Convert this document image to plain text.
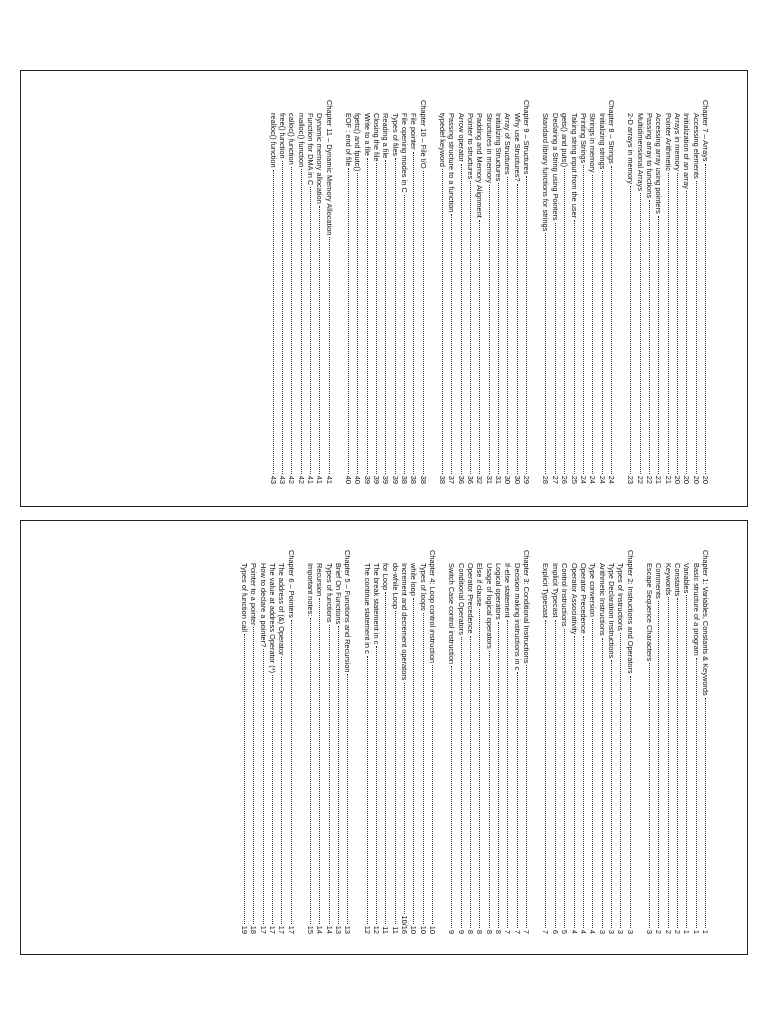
Chapter 7 – Arrays
20
Accessing elements
20
Initialization of an array
20
Arrays in memory
20
Pointer Arithmetic
21
Accessing array using pointers
21
Passing array to functions
22
Multidimensional Arrays
22
2-D arrays in memory
23
Chapter 8 – Strings
24
Initializing strings
24
Strings in memory
24
Printing Strings
24
Taking string input from the user
25
gets() and puts()
26
Declaring a String using Pointers
27
Standard library functions for strings
28
Chapter 9 – Structures
29
Why use Structures?
30
Array of Structures
30
Initializing Structures
31
Structures in memory
31
Padding and Memory Alignment
32
Pointer to structures
36
Arrow operator
36
Passing structure to a function
37
typedef keyword
38
Chapter 10 – File I/O
38
File pointer
38
File opening modes in C
38
Types of files
39
Reading a file
39
Closing the file
39
Write to a file
39
fgetc() and fputc()
40
EOF : end of file
40
Chapter 11 – Dynamic Memory Allocation
41
Dynamic memory allocation
41
Function for DMA in C
41
malloc() function
42
calloc() function
42
free() function
43
realloc() function
43
Chapter 1: Variables, Constants & Keywords
1
Basic structure of a program
1
Variables
1
Constants
2
Keywords
2
Comments
2
Escape Sequence Characters
3
Chapter 2: Instructions and Operators
3
Types of Instructions
3
Type Declaration Instructions
3
Arithmetic Instructions
3
Type conversion
4
Operator Precedence
4
Operator Associativity
4
Control Instructions
5
Implicit Typecast
6
Explicit Typecast
7
Chapter 3: Conditional Instructions
7
Decision making instructions in c
7
If-else statement
7
Logical operators
8
Usage of logical operators
8
Else if clause
8
Operator Precedence
8
Conditional Operators
9
Switch Case control instruction
9
Chapter 4: Loop control instruction
10
Types of loops
10
while loop
10
Increment and decrement operators
10/16
do-while Loop
11
for Loop
11
The break statement in c
12
The continue statement in c
12
Chapter 5 – Functions and Recursion
13
Brief On Functions
13
Types of functions
14
Recursion
14
Important notes:
15
Chapter 6 – Pointers
17
The address of (&) Operator
17
The value at address Operator (*)
17
How to declare a pointer?
17
Pointer to a pointer
18
Types of function call
19
